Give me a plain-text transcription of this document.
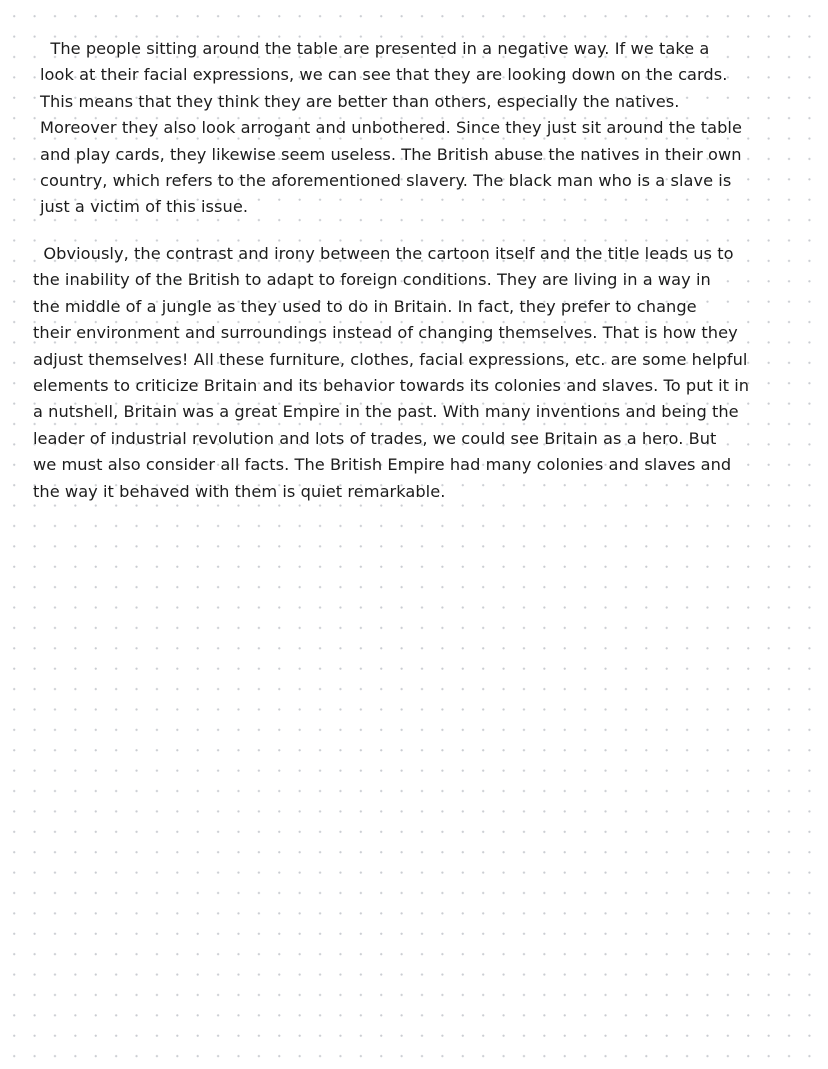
The people sitting around the table are presented in a negative way. If we take a
look at their facial expressions, we can see that they are looking down on the cards.
This means that they think they are better than others, especially the natives.
Moreover they also look arrogant and unbothered. Since they just sit around the table
and play cards, they likewise seem useless. The British abuse the natives in their own
country, which refers to the aforementioned slavery. The black man who is a slave is
just a victim of this issue.
Obviously, the contrast and irony between the cartoon itself and the title leads us to
the inability of the British to adapt to foreign conditions. They are living in a way in
the middle of a jungle as they used to do in Britain. In fact, they prefer to change
their environment and surroundings instead of changing themselves. That is how they
adjust themselves! All these furniture, clothes, facial expressions, etc. are some helpful
elements to criticize Britain and its behavior towards its colonies and slaves. To put it in
a nutshell, Britain was a great Empire in the past. With many inventions and being the
leader of industrial revolution and lots of trades, we could see Britain as a hero. But
we must also consider all facts. The British Empire had many colonies and slaves and
the way it behaved with them is quiet remarkable.
